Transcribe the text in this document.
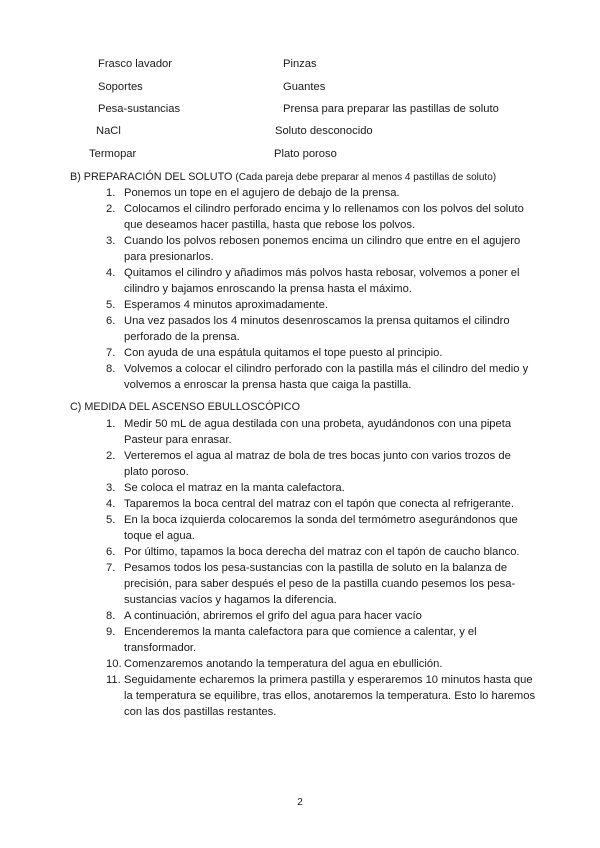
Frasco lavador	Pinzas
Soportes	Guantes
Pesa-sustancias	Prensa para preparar las pastillas de soluto
NaCl	Soluto desconocido
Termopar	Plato poroso
B) PREPARACIÓN DEL SOLUTO (Cada pareja debe preparar al menos 4 pastillas de soluto)
1. Ponemos un tope en el agujero de debajo de la prensa.
2. Colocamos el cilindro perforado encima y lo rellenamos con los polvos del soluto que deseamos hacer pastilla, hasta que rebose los polvos.
3. Cuando los polvos rebosen ponemos encima un cilindro que entre en el agujero para presionarlos.
4. Quitamos el cilindro y añadimos más polvos hasta rebosar, volvemos a poner el cilindro y bajamos enroscando la prensa hasta el máximo.
5. Esperamos 4 minutos aproximadamente.
6. Una vez pasados los 4 minutos desenroscamos la prensa quitamos el cilindro perforado de la prensa.
7. Con ayuda de una espátula quitamos el tope puesto al principio.
8. Volvemos a colocar el cilindro perforado con la pastilla más el cilindro del medio y volvemos a enroscar la prensa hasta que caiga la pastilla.
C) MEDIDA DEL ASCENSO EBULLOSCÓPICO
1. Medir 50 mL de agua destilada con una probeta, ayudándonos con una pipeta Pasteur para enrasar.
2. Verteremos el agua al matraz de bola de tres bocas junto con varios trozos de plato poroso.
3. Se coloca el matraz en la manta calefactora.
4. Taparemos la boca central del matraz con el tapón que conecta al refrigerante.
5. En la boca izquierda colocaremos la sonda del termómetro asegurándonos que toque el agua.
6. Por último, tapamos la boca derecha del matraz con el tapón de caucho blanco.
7. Pesamos todos los pesa-sustancias con la pastilla de soluto en la balanza de precisión, para saber después el peso de la pastilla cuando pesemos los pesa-sustancias vacíos y hagamos la diferencia.
8. A continuación, abriremos el grifo del agua para hacer vacío
9. Encenderemos la manta calefactora para que comience a calentar, y el transformador.
10. Comenzaremos anotando la temperatura del agua en ebullición.
11. Seguidamente echaremos la primera pastilla y esperaremos 10 minutos hasta que la temperatura se equilibre, tras ellos, anotaremos la temperatura. Esto lo haremos con las dos pastillas restantes.
2
